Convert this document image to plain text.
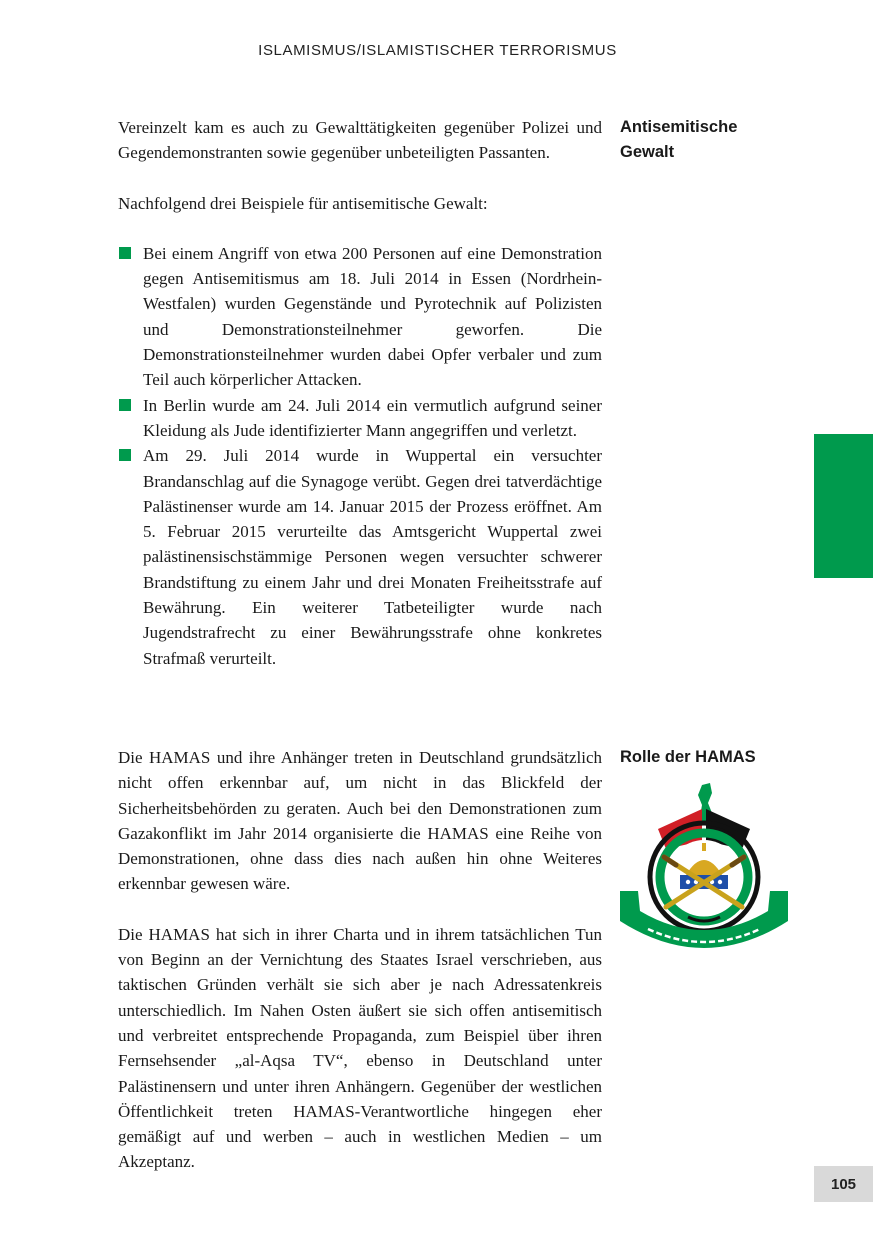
ISLAMISMUS/ISLAMISTISCHER TERRORISMUS

Vereinzelt kam es auch zu Gewalttätigkeiten gegenüber Polizei und Gegendemonstranten sowie gegenüber unbeteiligten Passanten.

Nachfolgend drei Beispiele für antisemitische Gewalt:

Bei einem Angriff von etwa 200 Personen auf eine Demonstration gegen Antisemitismus am 18. Juli 2014 in Essen (Nordrhein-Westfalen) wurden Gegenstände und Pyrotechnik auf Polizisten und Demonstrationsteilnehmer geworfen. Die Demonstrationsteilnehmer wurden dabei Opfer verbaler und zum Teil auch körperlicher Attacken.
In Berlin wurde am 24. Juli 2014 ein vermutlich aufgrund seiner Kleidung als Jude identifizierter Mann angegriffen und verletzt.
Am 29. Juli 2014 wurde in Wuppertal ein versuchter Brandanschlag auf die Synagoge verübt. Gegen drei tatverdächtige Palästinenser wurde am 14. Januar 2015 der Prozess eröffnet. Am 5. Februar 2015 verurteilte das Amtsgericht Wuppertal zwei palästinensischstämmige Personen wegen versuchter schwerer Brandstiftung zu einem Jahr und drei Monaten Freiheitsstrafe auf Bewährung. Ein weiterer Tatbeteiligter wurde nach Jugendstrafrecht zu einer Bewährungsstrafe ohne konkretes Strafmaß verurteilt.
Antisemitische Gewalt

Die HAMAS und ihre Anhänger treten in Deutschland grundsätzlich nicht offen erkennbar auf, um nicht in das Blickfeld der Sicherheitsbehörden zu geraten. Auch bei den Demonstrationen zum Gazakonflikt im Jahr 2014 organisierte die HAMAS eine Reihe von Demonstrationen, ohne dass dies nach außen hin ohne Weiteres erkennbar gewesen wäre.

Die HAMAS hat sich in ihrer Charta und in ihrem tatsächlichen Tun von Beginn an der Vernichtung des Staates Israel verschrieben, aus taktischen Gründen verhält sie sich aber je nach Adressatenkreis unterschiedlich. Im Nahen Osten äußert sie sich offen antisemitisch und verbreitet entsprechende Propaganda, zum Beispiel über ihren Fernsehsender „al-Aqsa TV“, ebenso in Deutschland unter Palästinensern und unter ihren Anhängern. Gegenüber der westlichen Öffentlichkeit treten HAMAS-Verantwortliche hingegen eher gemäßigt auf und werben – auch in westlichen Medien – um Akzeptanz.

Rolle der HAMAS
105
